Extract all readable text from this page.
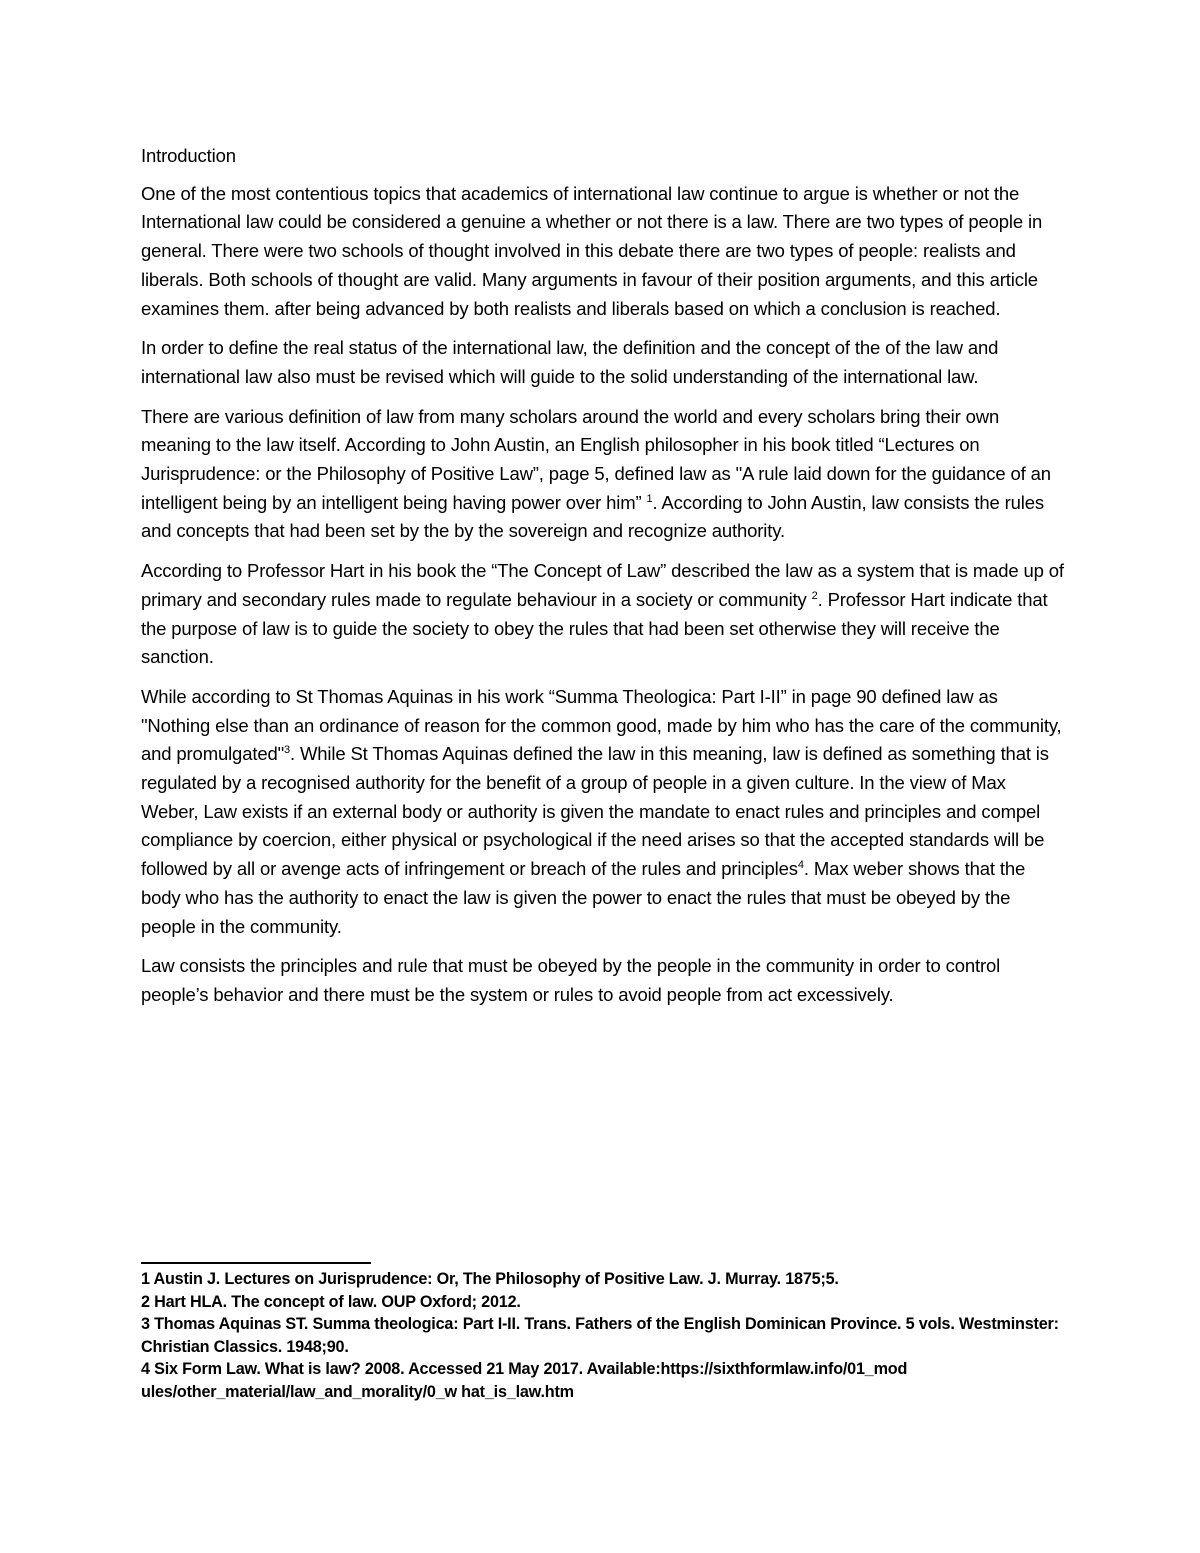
Introduction

One of the most contentious topics that academics of international law continue to argue is whether or not the International law could be considered a genuine a whether or not there is a law. There are two types of people in general. There were two schools of thought involved in this debate there are two types of people: realists and liberals. Both schools of thought are valid. Many arguments in favour of their position arguments, and this article examines them. after being advanced by both realists and liberals based on which a conclusion is reached.

In order to define the real status of the international law, the definition and the concept of the of the law and international law also must be revised which will guide to the solid understanding of the international law.

There are various definition of law from many scholars around the world and every scholars bring their own meaning to the law itself. According to John Austin, an English philosopher in his book titled “Lectures on Jurisprudence: or the Philosophy of Positive Law”, page 5, defined law as "A rule laid down for the guidance of an intelligent being by an intelligent being having power over him” $^1$. According to John Austin, law consists the rules and concepts that had been set by the by the sovereign and recognize authority.

According to Professor Hart in his book the “The Concept of Law” described the law as a system that is made up of primary and secondary rules made to regulate behaviour in a society or community $^2$. Professor Hart indicate that the purpose of law is to guide the society to obey the rules that had been set otherwise they will receive the sanction.

While according to St Thomas Aquinas in his work “Summa Theologica: Part I-II” in page 90 defined law as "Nothing else than an ordinance of reason for the common good, made by him who has the care of the community, and promulgated"$^3$. While St Thomas Aquinas defined the law in this meaning, law is defined as something that is regulated by a recognised authority for the benefit of a group of people in a given culture. In the view of Max Weber, Law exists if an external body or authority is given the mandate to enact rules and principles and compel compliance by coercion, either physical or psychological if the need arises so that the accepted standards will be followed by all or avenge acts of infringement or breach of the rules and principles$^4$. Max weber shows that the body who has the authority to enact the law is given the power to enact the rules that must be obeyed by the people in the community.

Law consists the principles and rule that must be obeyed by the people in the community in order to control people’s behavior and there must be the system or rules to avoid people from act excessively.

1 Austin J. Lectures on Jurisprudence: Or, The Philosophy of Positive Law. J. Murray. 1875;5.

2 Hart HLA. The concept of law. OUP Oxford; 2012.

3 Thomas Aquinas ST. Summa theologica: Part I-II. Trans. Fathers of the English Dominican Province. 5 vols. Westminster: Christian Classics. 1948;90.

4 Six Form Law. What is law? 2008. Accessed 21 May 2017. Available:https://sixthformlaw.info/01_mod ules/other_material/law_and_morality/0_w hat_is_law.htm
